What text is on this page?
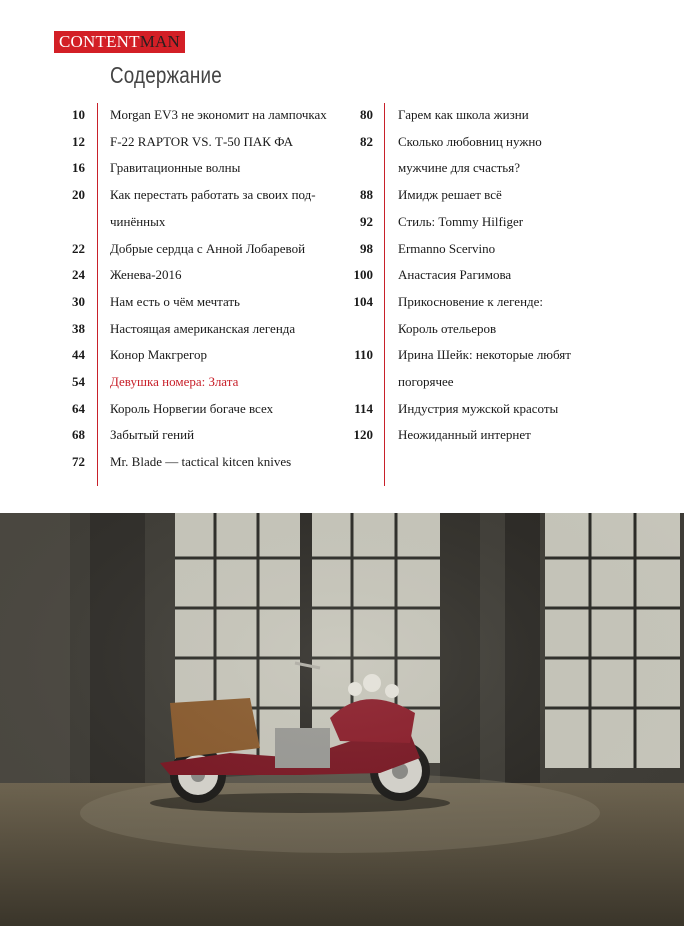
CONTENTMAN
Содержание
10 Morgan EV3 не экономит на лампочках
12 F-22 RAPTOR VS. Т-50 ПАК ФА
16 Гравитационные волны
20 Как перестать работать за своих под-
чинённых
22 Добрые сердца с Анной Лобаревой
24 Женева-2016
30 Нам есть о чём мечтать
38 Настоящая американская легенда
44 Конор Макгрегор
54 Девушка номера: Злата
64 Король Норвегии богаче всех
68 Забытый гений
72 Mr. Blade — tactical kitcen knives
80 Гарем как школа жизни
82 Сколько любовниц нужно
мужчине для счастья?
88 Имидж решает всё
92 Стиль: Tommy Hilfiger
98 Ermanno Scervino
100 Анастасия Рагимова
104 Прикосновение к легенде:
Король отельеров
110 Ирина Шейк: некоторые любят
погорячее
114 Индустрия мужской красоты
120 Неожиданный интернет
